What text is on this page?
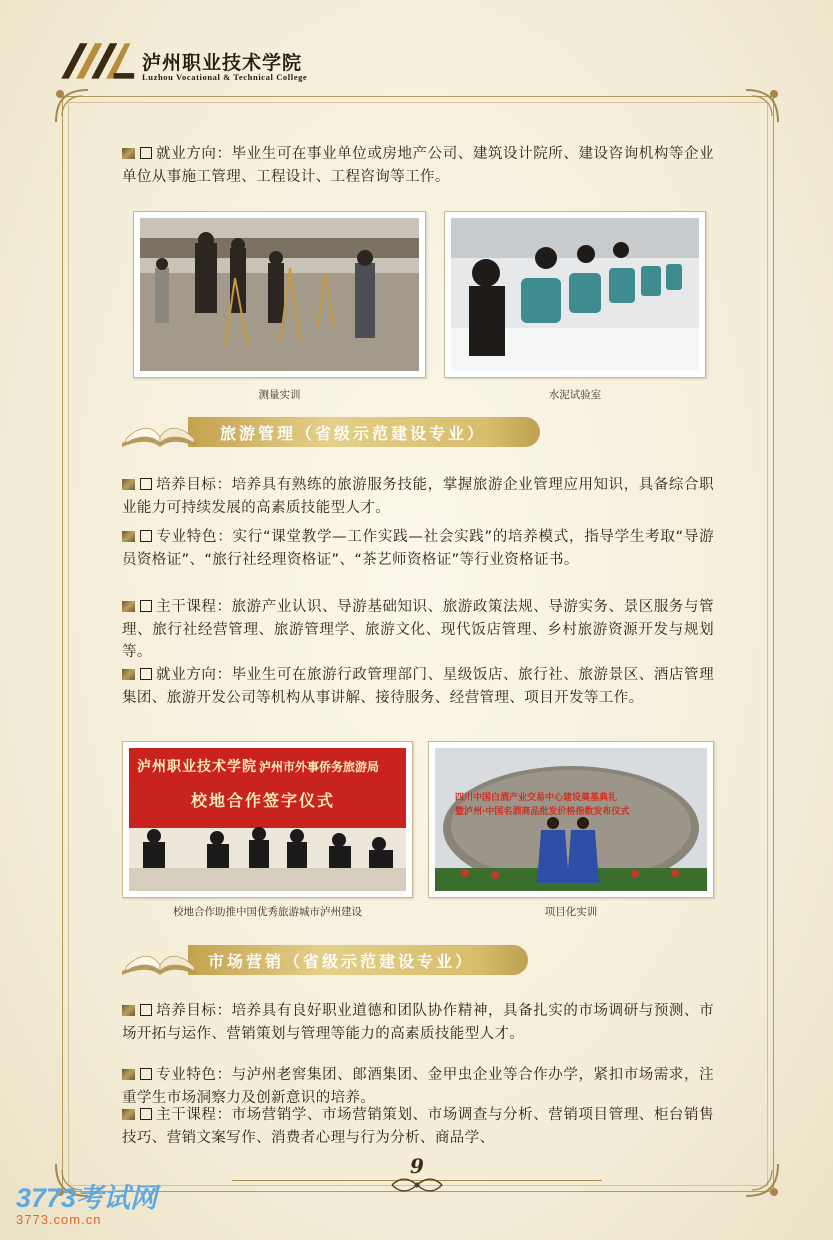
泸州职业技术学院
Luzhou Vocational & Technical College
就业方向：毕业生可在事业单位或房地产公司、建筑设计院所、建设咨询机构等企业单位从事施工管理、工程设计、工程咨询等工作。
测量实训	水泥试验室
旅游管理（省级示范建设专业）
培养目标：培养具有熟练的旅游服务技能，掌握旅游企业管理应用知识，具备综合职业能力可持续发展的高素质技能型人才。
专业特色：实行“课堂教学—工作实践—社会实践”的培养模式，指导学生考取“导游员资格证”、“旅行社经理资格证”、“茶艺师资格证”等行业资格证书。
主干课程：旅游产业认识、导游基础知识、旅游政策法规、导游实务、景区服务与管理、旅行社经营管理、旅游管理学、旅游文化、现代饭店管理、乡村旅游资源开发与规划等。
就业方向：毕业生可在旅游行政管理部门、星级饭店、旅行社、旅游景区、酒店管理集团、旅游开发公司等机构从事讲解、接待服务、经营管理、项目开发等工作。
泸州职业技术学院 泸州市外事侨务旅游局
校地合作签字仪式
校地合作助推中国优秀旅游城市泸州建设
四川中国白酒产业交易中心建设奠基典礼
暨泸州·中国名酒商品批发价格指数发布仪式
项目化实训
市场营销（省级示范建设专业）
培养目标：培养具有良好职业道德和团队协作精神，具备扎实的市场调研与预测、市场开拓与运作、营销策划与管理等能力的高素质技能型人才。
专业特色：与泸州老窖集团、郎酒集团、金甲虫企业等合作办学，紧扣市场需求，注重学生市场洞察力及创新意识的培养。
主干课程：市场营销学、市场营销策划、市场调查与分析、营销项目管理、柜台销售技巧、营销文案写作、消费者心理与行为分析、商品学、
9
3773考试网
3773.com.cn
